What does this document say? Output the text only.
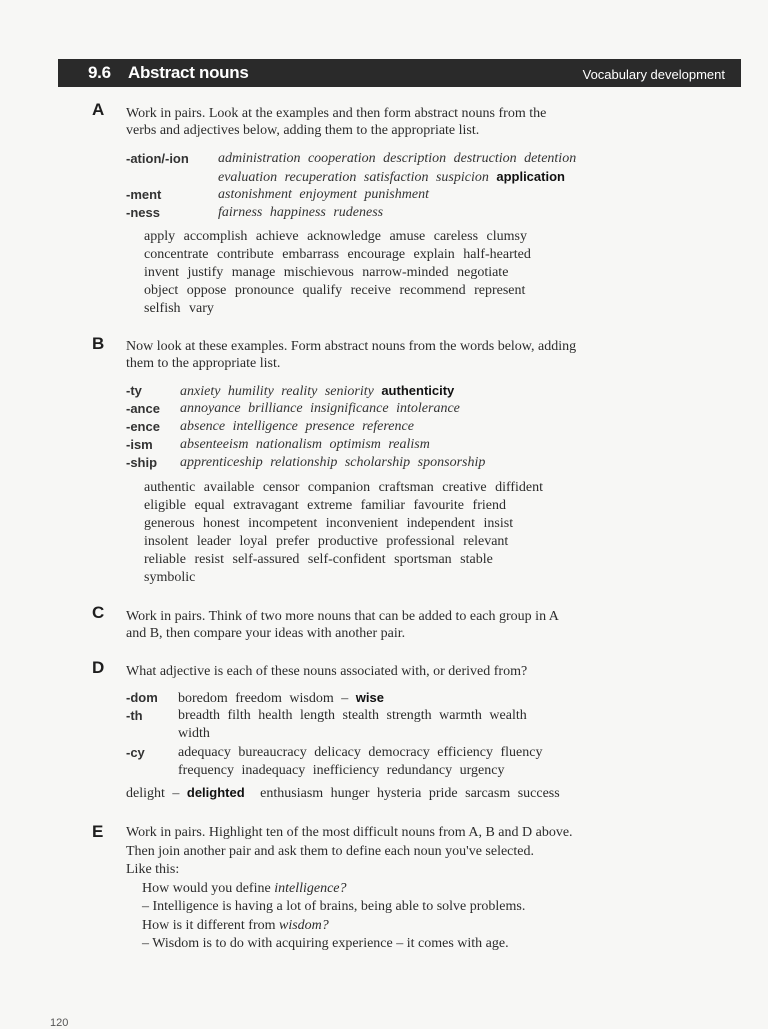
9.6 Abstract nouns	Vocabulary development
A Work in pairs. Look at the examples and then form abstract nouns from the
verbs and adjectives below, adding them to the appropriate list.
-ation/-ion administration cooperation description destruction detention
evaluation recuperation satisfaction suspicion application
-ment	astonishment enjoyment punishment
-ness	fairness happiness rudeness
apply accomplish achieve acknowledge amuse careless clumsy
concentrate contribute embarrass encourage explain half-hearted
invent justify manage mischievous narrow-minded negotiate
object oppose pronounce qualify receive recommend represent
selfish vary
B Now look at these examples. Form abstract nouns from the words below, adding
them to the appropriate list.
-ty	anxiety humility reality seniority authenticity
-ance annoyance brilliance insignificance intolerance
-ence absence intelligence presence reference
-ism absenteeism nationalism optimism realism
-ship apprenticeship relationship scholarship sponsorship
authentic available censor companion craftsman creative diffident
eligible equal extravagant extreme familiar favourite friend
generous honest incompetent inconvenient independent insist
insolent leader loyal prefer productive professional relevant
reliable resist self-assured self-confident sportsman stable
symbolic
C Work in pairs. Think of two more nouns that can be added to each group in A
and B, then compare your ideas with another pair.
D What adjective is each of these nouns associated with, or derived from?
-dom boredom freedom wisdom – wise
-th	breadth filth health length stealth strength warmth wealth
width
-cy adequacy bureaucracy delicacy democracy efficiency fluency
frequency inadequacy inefficiency redundancy urgency
delight – delighted enthusiasm hunger hysteria pride sarcasm success
E Work in pairs. Highlight ten of the most difficult nouns from A, B and D above.
Then join another pair and ask them to define each noun you've selected.
Like this:
How would you define intelligence?
– Intelligence is having a lot of brains, being able to solve problems.
How is it different from wisdom?
– Wisdom is to do with acquiring experience – it comes with age.
120
